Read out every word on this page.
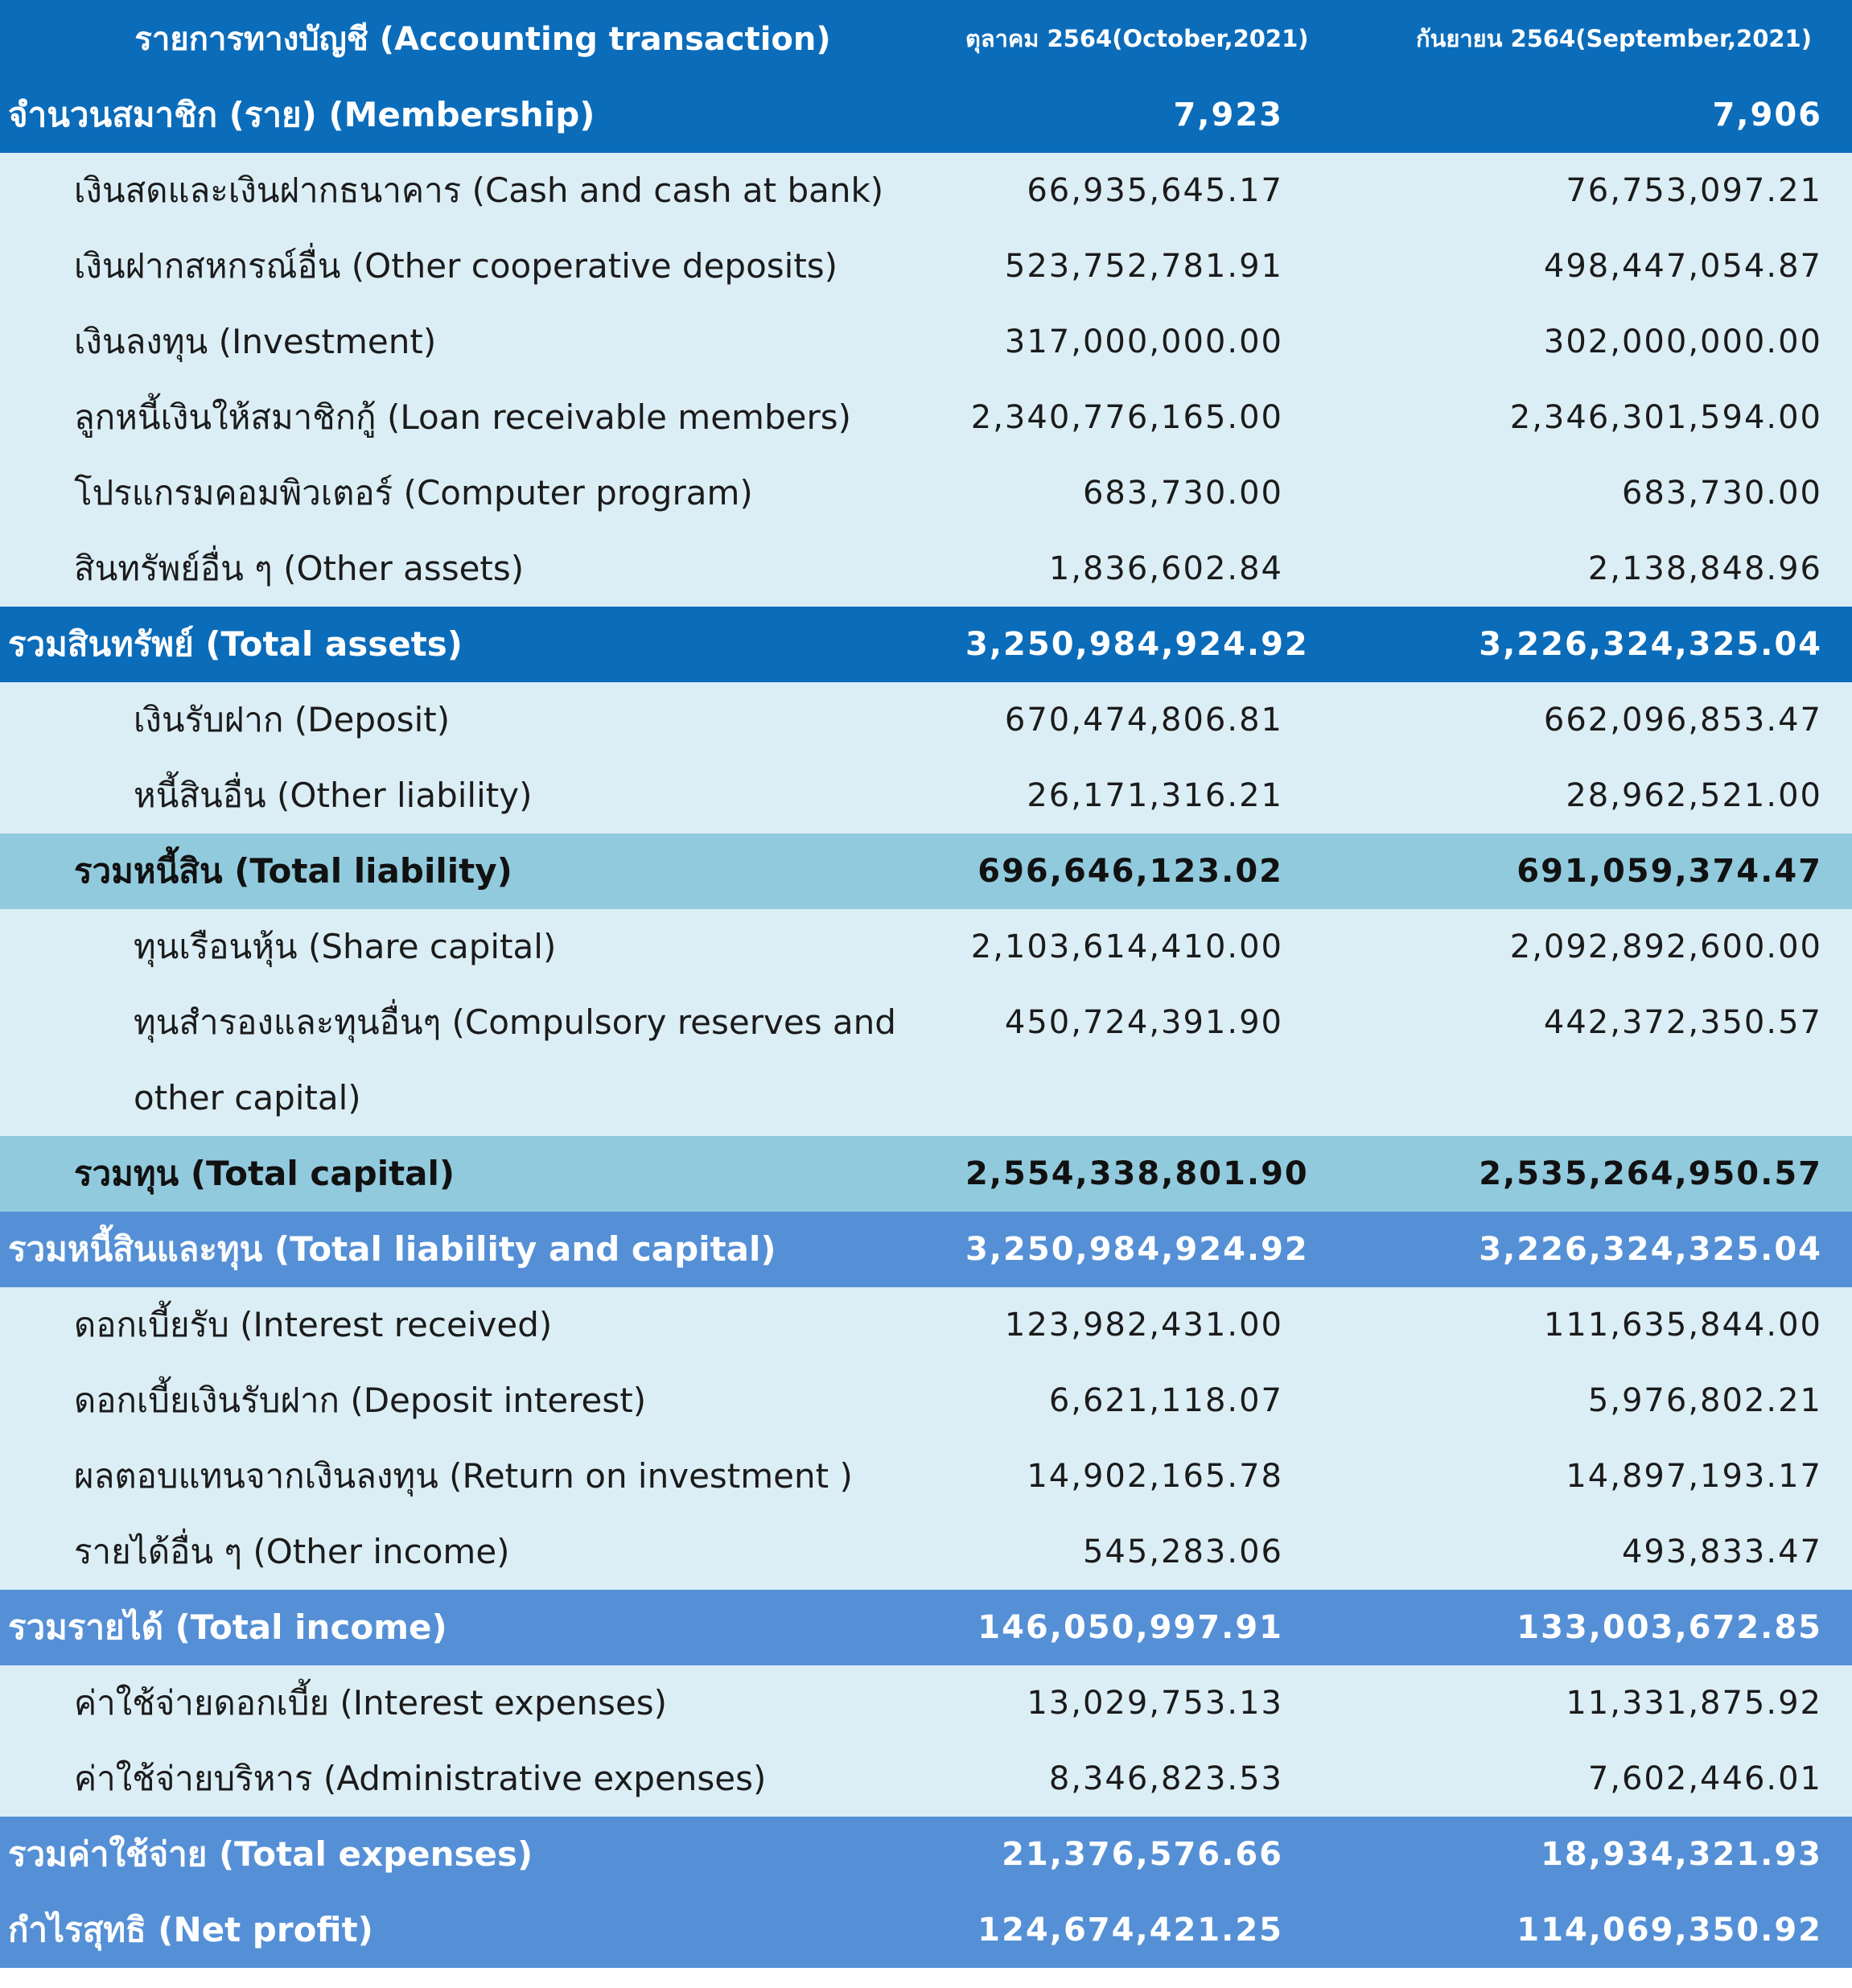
รายการทางบัญชี (Accounting transaction)	ตุลาคม 2564(October,2021)	กันยายน 2564(September,2021)
จำนวนสมาชิก (ราย) (Membership)	7,923	7,906
เงินสดและเงินฝากธนาคาร (Cash and cash at bank)	66,935,645.17	76,753,097.21
เงินฝากสหกรณ์อื่น (Other cooperative deposits)	523,752,781.91	498,447,054.87
เงินลงทุน (Investment)	317,000,000.00	302,000,000.00
ลูกหนี้เงินให้สมาชิกกู้ (Loan receivable members)	2,340,776,165.00	2,346,301,594.00
โปรแกรมคอมพิวเตอร์ (Computer program)	683,730.00	683,730.00
สินทรัพย์อื่น ๆ (Other assets)	1,836,602.84	2,138,848.96
รวมสินทรัพย์ (Total assets)	3,250,984,924.92	3,226,324,325.04
เงินรับฝาก (Deposit)	670,474,806.81	662,096,853.47
หนี้สินอื่น (Other liability)	26,171,316.21	28,962,521.00
รวมหนี้สิน (Total liability)	696,646,123.02	691,059,374.47
ทุนเรือนหุ้น (Share capital)	2,103,614,410.00	2,092,892,600.00
ทุนสำรองและทุนอื่นๆ (Compulsory reserves and other capital)	450,724,391.90	442,372,350.57
รวมทุน (Total capital)	2,554,338,801.90	2,535,264,950.57
รวมหนี้สินและทุน (Total liability and capital)	3,250,984,924.92	3,226,324,325.04
ดอกเบี้ยรับ (Interest received)	123,982,431.00	111,635,844.00
ดอกเบี้ยเงินรับฝาก (Deposit interest)	6,621,118.07	5,976,802.21
ผลตอบแทนจากเงินลงทุน (Return on investment )	14,902,165.78	14,897,193.17
รายได้อื่น ๆ (Other income)	545,283.06	493,833.47
รวมรายได้ (Total income)	146,050,997.91	133,003,672.85
ค่าใช้จ่ายดอกเบี้ย (Interest expenses)	13,029,753.13	11,331,875.92
ค่าใช้จ่ายบริหาร (Administrative expenses)	8,346,823.53	7,602,446.01
รวมค่าใช้จ่าย (Total expenses)	21,376,576.66	18,934,321.93
กำไรสุทธิ (Net profit)	124,674,421.25	114,069,350.92
